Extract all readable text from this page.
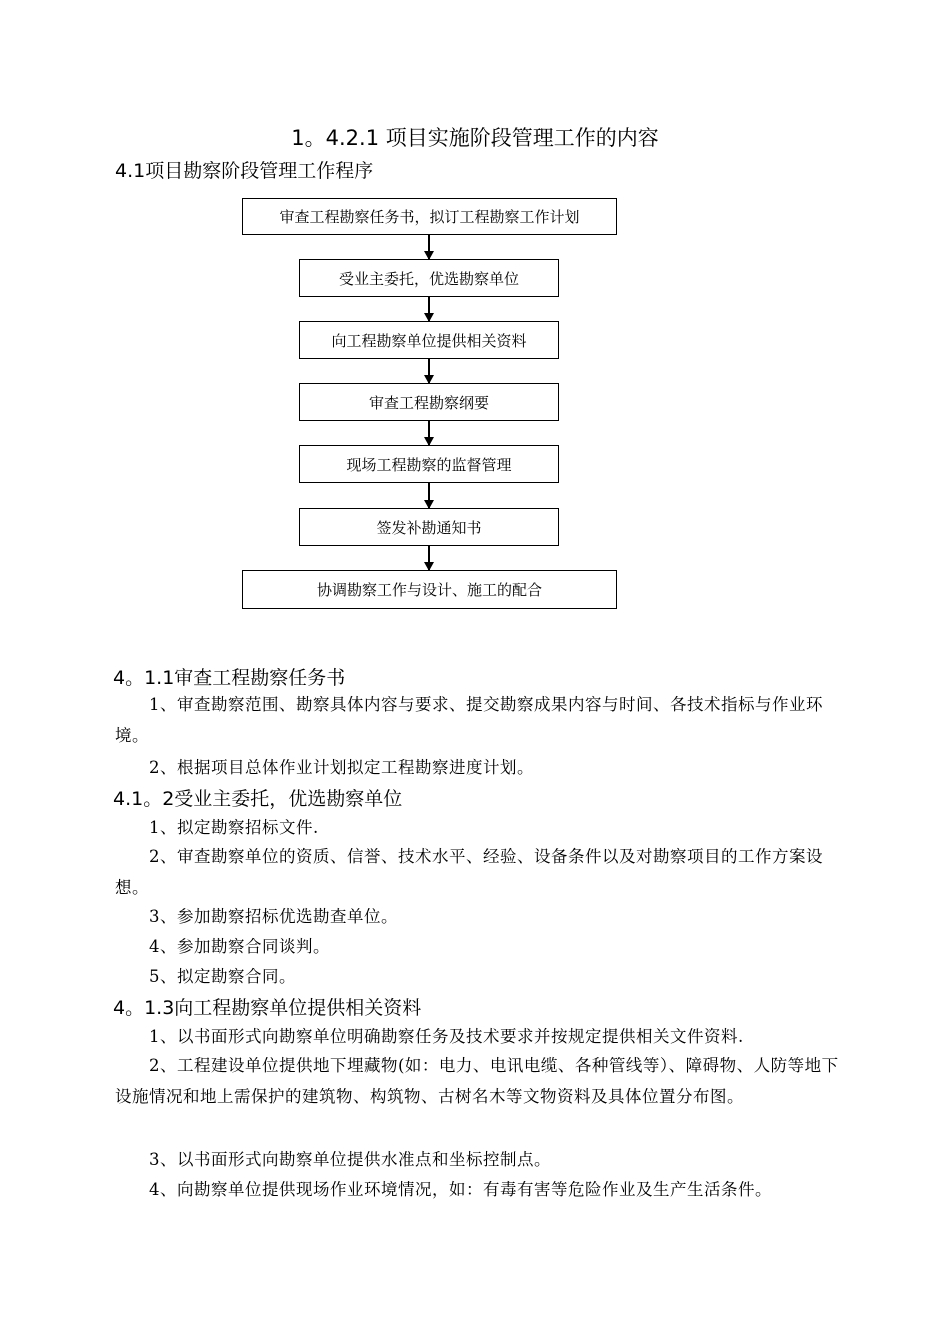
1。4.2.1 项目实施阶段管理工作的内容
4.1项目勘察阶段管理工作程序
审查工程勘察任务书，拟订工程勘察工作计划
受业主委托，优选勘察单位
向工程勘察单位提供相关资料
审查工程勘察纲要
现场工程勘察的监督管理
签发补勘通知书
协调勘察工作与设计、施工的配合
4。1.1审查工程勘察任务书
1、审查勘察范围、勘察具体内容与要求、提交勘察成果内容与时间、各技术指标与作业环境。
2、根据项目总体作业计划拟定工程勘察进度计划。
4.1。2受业主委托，优选勘察单位
1、拟定勘察招标文件.
2、审查勘察单位的资质、信誉、技术水平、经验、设备条件以及对勘察项目的工作方案设想。
3、参加勘察招标优选勘查单位。
4、参加勘察合同谈判。
5、拟定勘察合同。
4。1.3向工程勘察单位提供相关资料
1、以书面形式向勘察单位明确勘察任务及技术要求并按规定提供相关文件资料.
2、工程建设单位提供地下埋藏物(如：电力、电讯电缆、各种管线等）、障碍物、人防等地下设施情况和地上需保护的建筑物、构筑物、古树名木等文物资料及具体位置分布图。
3、以书面形式向勘察单位提供水准点和坐标控制点。
4、向勘察单位提供现场作业环境情况，如：有毒有害等危险作业及生产生活条件。
